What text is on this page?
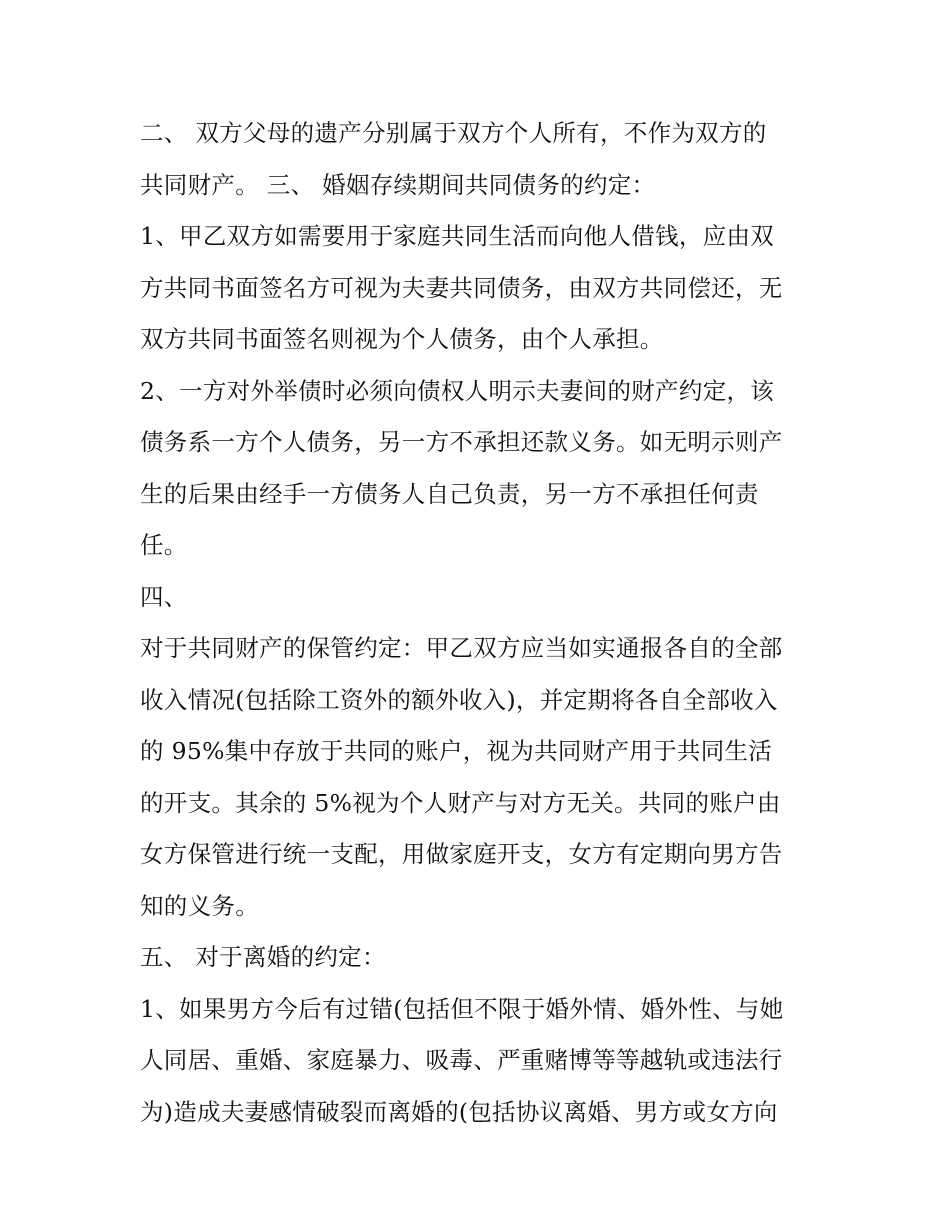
二、 双方父母的遗产分别属于双方个人所有，不作为双方的
共同财产。 三、 婚姻存续期间共同债务的约定：
1、甲乙双方如需要用于家庭共同生活而向他人借钱，应由双
方共同书面签名方可视为夫妻共同债务，由双方共同偿还，无
双方共同书面签名则视为个人债务，由个人承担。
2、一方对外举债时必须向债权人明示夫妻间的财产约定，该
债务系一方个人债务，另一方不承担还款义务。如无明示则产
生的后果由经手一方债务人自己负责，另一方不承担任何责
任。
四、
对于共同财产的保管约定：甲乙双方应当如实通报各自的全部
收入情况(包括除工资外的额外收入)，并定期将各自全部收入
的 95%集中存放于共同的账户，视为共同财产用于共同生活
的开支。其余的 5%视为个人财产与对方无关。共同的账户由
女方保管进行统一支配，用做家庭开支，女方有定期向男方告
知的义务。
五、 对于离婚的约定：
1、如果男方今后有过错(包括但不限于婚外情、婚外性、与她
人同居、重婚、家庭暴力、吸毒、严重赌博等等越轨或违法行
为)造成夫妻感情破裂而离婚的(包括协议离婚、男方或女方向
